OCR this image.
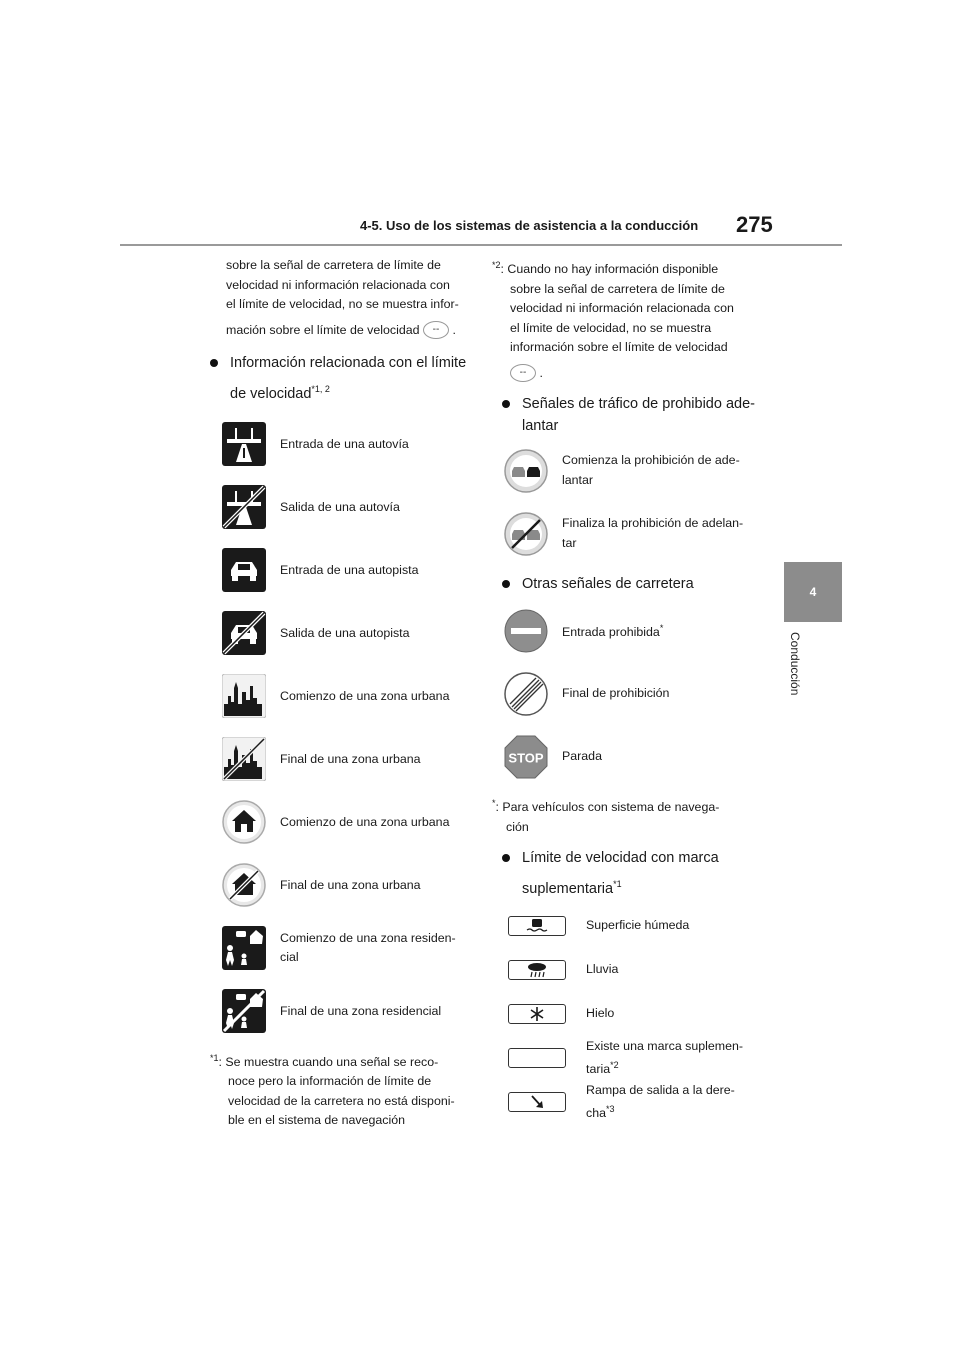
4-5. Uso de los sistemas de asistencia a la conducción 275
4
Conducción

sobre la señal de carretera de límite de

velocidad ni información relacionada con

el límite de velocidad, no se muestra infor-

mación sobre el límite de velocidad -- .

Información relacionada con el límite

de velocidad$^{*1, 2}$

Entrada de una autovía
Salida de una autovía
Entrada de una autopista
Salida de una autopista
Comienzo de una zona urbana
Final de una zona urbana
Comienzo de una zona urbana
Final de una zona urbana
Comienzo de una zona residen-
cial
Final de una zona residencial

$^{*1}$: Se muestra cuando una señal se reco-

noce pero la información de límite de

velocidad de la carretera no está disponi-

ble en el sistema de navegación

$^{*2}$: Cuando no hay información disponible

sobre la señal de carretera de límite de

velocidad ni información relacionada con

el límite de velocidad, no se muestra

información sobre el límite de velocidad

-- .

Señales de tráfico de prohibido ade-

lantar

Comienza la prohibición de ade-
lantar
Finaliza la prohibición de adelan-
tar

Otras señales de carretera

Entrada prohibida*
Final de prohibición
STOP Parada

*: Para vehículos con sistema de navega-

ción

Límite de velocidad con marca

suplementaria$^{*1}$

Superficie húmeda
Lluvia
Hielo
Existe una marca suplemen-
taria$^{*2}$
Rampa de salida a la dere-
cha$^{*3}$
